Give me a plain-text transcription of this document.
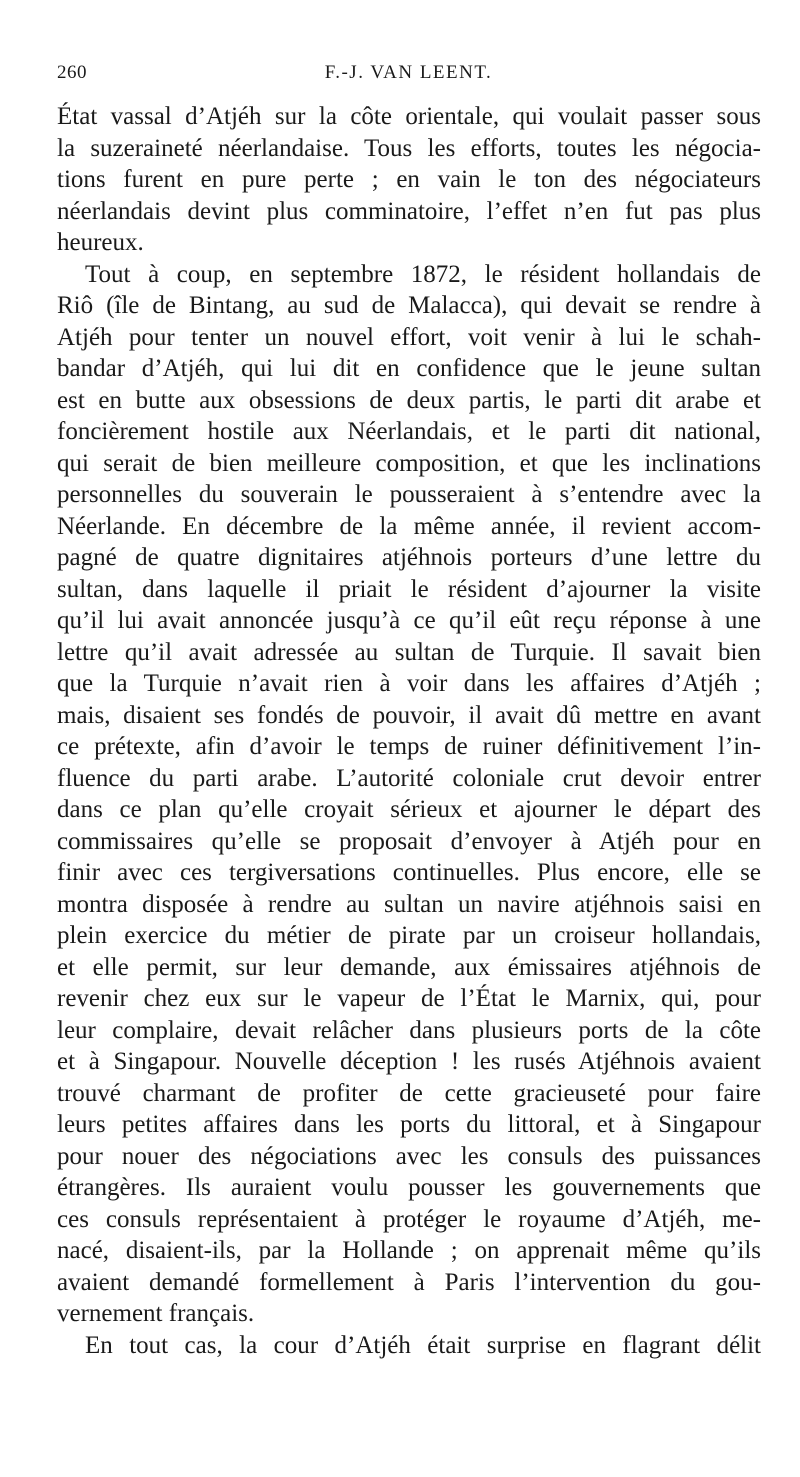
260	F.-J. VAN LEENT.
État vassal d’Atjéh sur la côte orientale, qui voulait passer sous
la suzeraineté néerlandaise. Tous les efforts, toutes les négocia-
tions furent en pure perte ; en vain le ton des négociateurs
néerlandais devint plus comminatoire, l’effet n’en fut pas plus
heureux.
Tout à coup, en septembre 1872, le résident hollandais de
Riô (île de Bintang, au sud de Malacca), qui devait se rendre à
Atjéh pour tenter un nouvel effort, voit venir à lui le schah-
bandar d’Atjéh, qui lui dit en confidence que le jeune sultan
est en butte aux obsessions de deux partis, le parti dit arabe et
foncièrement hostile aux Néerlandais, et le parti dit national,
qui serait de bien meilleure composition, et que les inclinations
personnelles du souverain le pousseraient à s’entendre avec la
Néerlande. En décembre de la même année, il revient accom-
pagné de quatre dignitaires atjéhnois porteurs d’une lettre du
sultan, dans laquelle il priait le résident d’ajourner la visite
qu’il lui avait annoncée jusqu’à ce qu’il eût reçu réponse à une
lettre qu’il avait adressée au sultan de Turquie. Il savait bien
que la Turquie n’avait rien à voir dans les affaires d’Atjéh ;
mais, disaient ses fondés de pouvoir, il avait dû mettre en avant
ce prétexte, afin d’avoir le temps de ruiner définitivement l’in-
fluence du parti arabe. L’autorité coloniale crut devoir entrer
dans ce plan qu’elle croyait sérieux et ajourner le départ des
commissaires qu’elle se proposait d’envoyer à Atjéh pour en
finir avec ces tergiversations continuelles. Plus encore, elle se
montra disposée à rendre au sultan un navire atjéhnois saisi en
plein exercice du métier de pirate par un croiseur hollandais,
et elle permit, sur leur demande, aux émissaires atjéhnois de
revenir chez eux sur le vapeur de l’État le Marnix, qui, pour
leur complaire, devait relâcher dans plusieurs ports de la côte
et à Singapour. Nouvelle déception ! les rusés Atjéhnois avaient
trouvé charmant de profiter de cette gracieuseté pour faire
leurs petites affaires dans les ports du littoral, et à Singapour
pour nouer des négociations avec les consuls des puissances
étrangères. Ils auraient voulu pousser les gouvernements que
ces consuls représentaient à protéger le royaume d’Atjéh, me-
nacé, disaient-ils, par la Hollande ; on apprenait même qu’ils
avaient demandé formellement à Paris l’intervention du gou-
vernement français.
En tout cas, la cour d’Atjéh était surprise en flagrant délit
